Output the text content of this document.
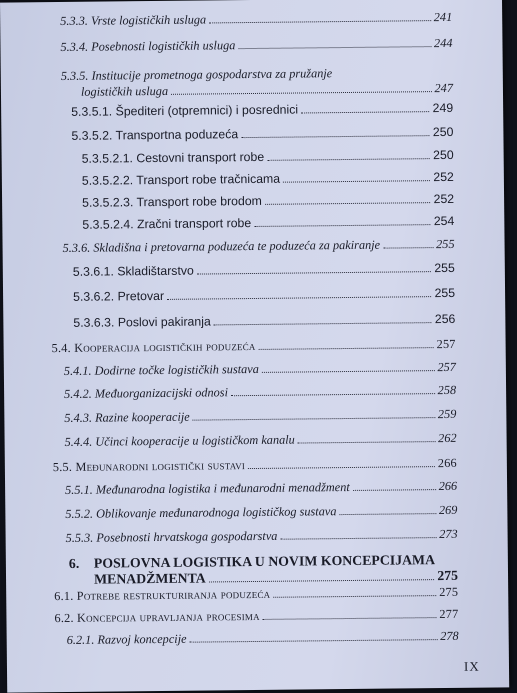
5.3.3. Vrste logističkih usluga	241
5.3.4. Posebnosti logističkih usluga	244
5.3.5. Institucije prometnoga gospodarstva za pružanje
logističkih usluga	247
5.3.5.1. Špediteri (otpremnici) i posrednici	249
5.3.5.2. Transportna poduzeća	250
5.3.5.2.1. Cestovni transport robe	250
5.3.5.2.2. Transport robe tračnicama	252
5.3.5.2.3. Transport robe brodom	252
5.3.5.2.4. Zračni transport robe	254
5.3.6. Skladišna i pretovarna poduzeća te poduzeća za pakiranje	255
5.3.6.1. Skladištarstvo	255
5.3.6.2. Pretovar	255
5.3.6.3. Poslovi pakiranja	256
5.4. Kooperacija logističkih poduzeća	257
5.4.1. Dodirne točke logističkih sustava	257
5.4.2. Međuorganizacijski odnosi	258
5.4.3. Razine kooperacije	259
5.4.4. Učinci kooperacije u logističkom kanalu	262
5.5. Međunarodni logistički sustavi	266
5.5.1. Međunarodna logistika i međunarodni menadžment	266
5.5.2. Oblikovanje međunarodnoga logističkog sustava	269
5.5.3. Posebnosti hrvatskoga gospodarstva	273
6.	POSLOVNA LOGISTIKA U NOVIM KONCEPCIJAMA
MENADŽMENTA	275
6.1. Potrebe restrukturiranja poduzeća	275
6.2. Koncepcija upravljanja procesima	277
6.2.1. Razvoj koncepcije	278
IX
